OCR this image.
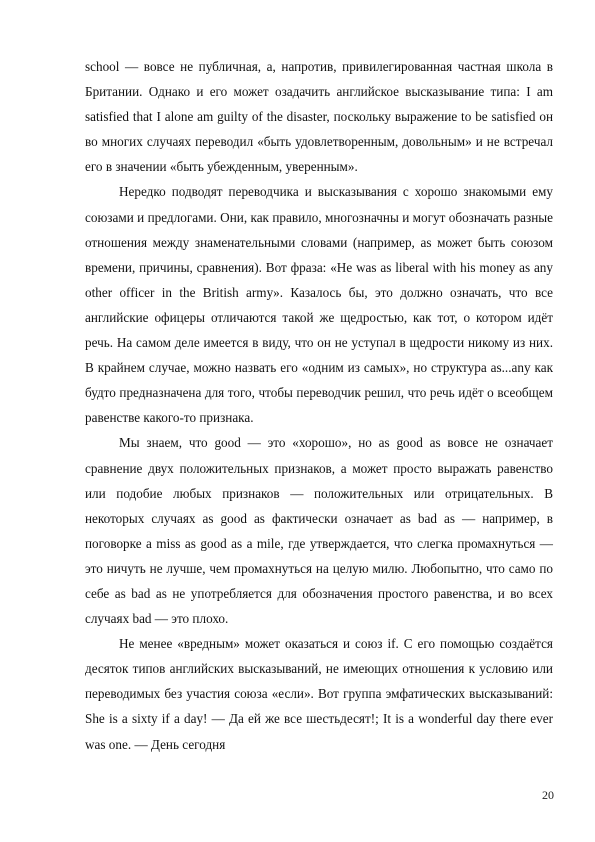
school — вовсе не публичная, а, напротив, привилегированная частная школа в Британии. Однако и его может озадачить английское высказывание типа: I am satisfied that I alone am guilty of the disaster, поскольку выражение to be satisfied он во многих случаях переводил «быть удовлетворенным, довольным» и не встречал его в значении «быть убежденным, уверенным».

Нередко подводят переводчика и высказывания с хорошо знакомыми ему союзами и предлогами. Они, как правило, многозначны и могут обозначать разные отношения между знаменательными словами (например, as может быть союзом времени, причины, сравнения). Вот фраза: «He was as liberal with his money as any other officer in the British army». Казалось бы, это должно означать, что все английские офицеры отличаются такой же щедростью, как тот, о котором идёт речь. На самом деле имеется в виду, что он не уступал в щедрости никому из них. В крайнем случае, можно назвать его «одним из самых», но структура as...any как будто предназначена для того, чтобы переводчик решил, что речь идёт о всеобщем равенстве какого-то признака.

Мы знаем, что good — это «хорошо», но as good as вовсе не означает сравнение двух положительных признаков, а может просто выражать равенство или подобие любых признаков — положительных или отрицательных. В некоторых случаях as good as фактически означает as bad as — например, в поговорке a miss as good as a mile, где утверждается, что слегка промахнуться — это ничуть не лучше, чем промахнуться на целую милю. Любопытно, что само по себе as bad as не употребляется для обозначения простого равенства, и во всех случаях bad — это плохо.

Не менее «вредным» может оказаться и союз if. С его помощью создаётся десяток типов английских высказываний, не имеющих отношения к условию или переводимых без участия союза «если». Вот группа эмфатических высказываний: She is a sixty if a day! — Да ей же все шестьдесят!; It is a wonderful day there ever was one. — День сегодня

20
